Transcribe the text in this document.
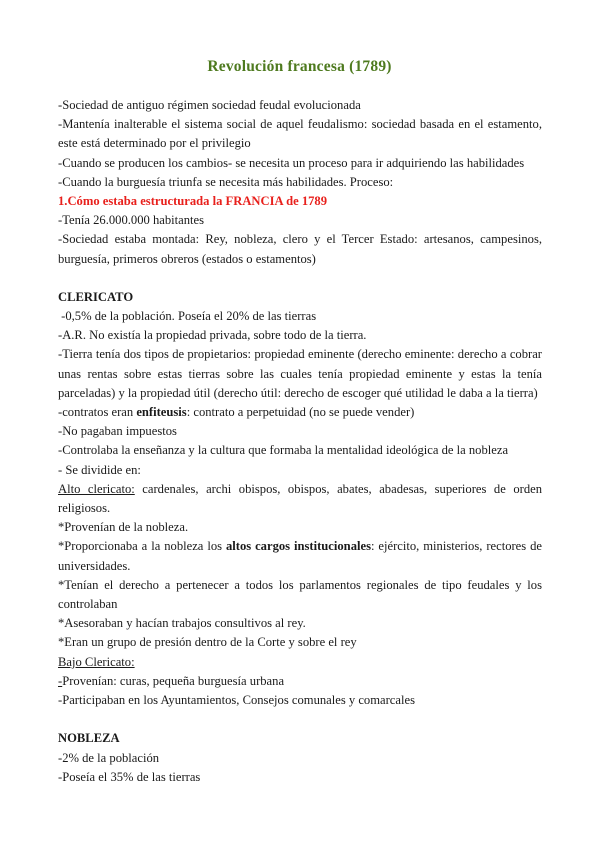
Revolución francesa (1789)

-Sociedad de antiguo régimen sociedad feudal evolucionada

-Mantenía inalterable el sistema social de aquel feudalismo: sociedad basada en el estamento, este está determinado por el privilegio

-Cuando se producen los cambios- se necesita un proceso para ir adquiriendo las habilidades

-Cuando la burguesía triunfa se necesita más habilidades. Proceso:

1.Cómo estaba estructurada la FRANCIA de 1789

-Tenía 26.000.000 habitantes

-Sociedad estaba montada: Rey, nobleza, clero y el Tercer Estado: artesanos, campesinos, burguesía, primeros obreros (estados o estamentos)

CLERICATO

-0,5% de la población. Poseía el 20% de las tierras

-A.R. No existía la propiedad privada, sobre todo de la tierra.

-Tierra tenía dos tipos de propietarios: propiedad eminente (derecho eminente: derecho a cobrar unas rentas sobre estas tierras sobre las cuales tenía propiedad eminente y estas la tenía parceladas) y la propiedad útil (derecho útil: derecho de escoger qué utilidad le daba a la tierra)

-contratos eran enfiteusis: contrato a perpetuidad (no se puede vender)

-No pagaban impuestos

-Controlaba la enseñanza y la cultura que formaba la mentalidad ideológica de la nobleza

- Se dividide en:

Alto clericato: cardenales, archi obispos, obispos, abates, abadesas, superiores de orden religiosos.

*Provenían de la nobleza.

*Proporcionaba a la nobleza los altos cargos institucionales: ejército, ministerios, rectores de universidades.

*Tenían el derecho a pertenecer a todos los parlamentos regionales de tipo feudales y los controlaban

*Asesoraban y hacían trabajos consultivos al rey.

*Eran un grupo de presión dentro de la Corte y sobre el rey

Bajo Clericato:

-Provenían: curas, pequeña burguesía urbana

-Participaban en los Ayuntamientos, Consejos comunales y comarcales

NOBLEZA

-2% de la población

-Poseía el 35% de las tierras
